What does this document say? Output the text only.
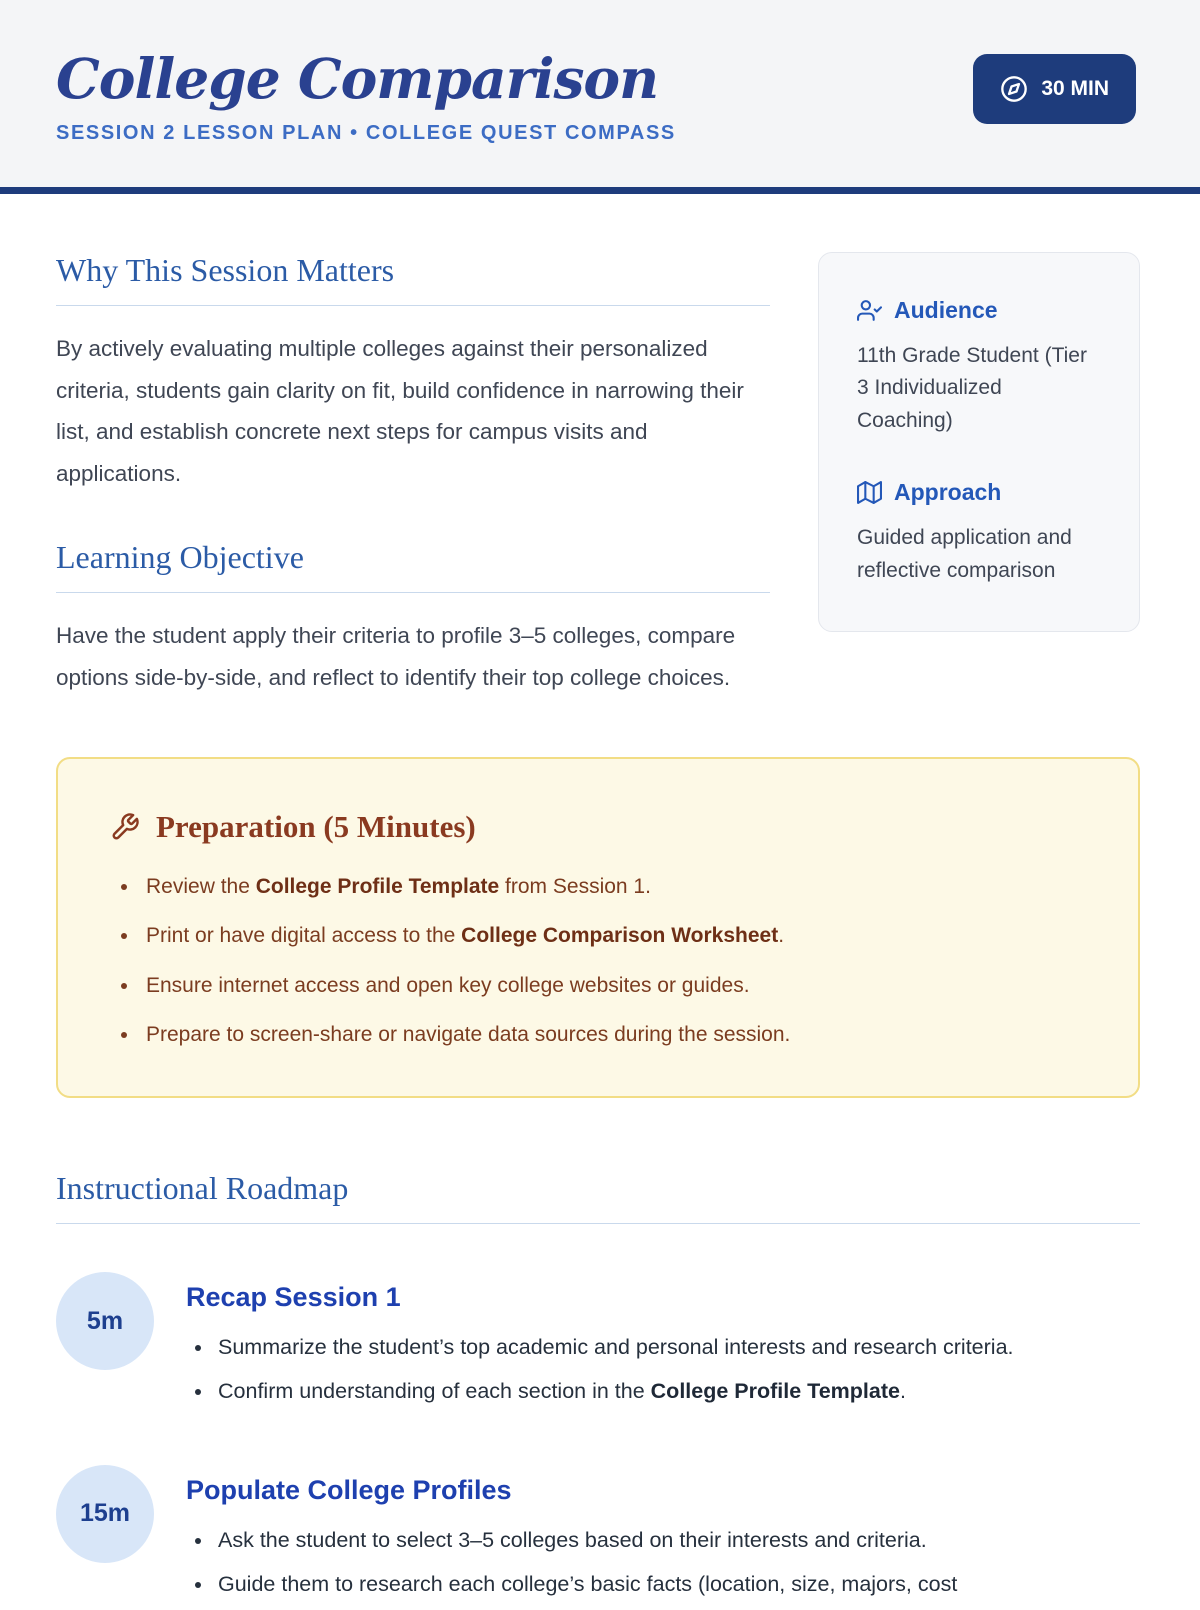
College Comparison
SESSION 2 LESSON PLAN • COLLEGE QUEST COMPASS
30 MIN
Why This Session Matters

By actively evaluating multiple colleges against their personalized criteria, students gain clarity on fit, build confidence in narrowing their list, and establish concrete next steps for campus visits and applications.

Learning Objective

Have the student apply their criteria to profile 3–5 colleges, compare options side-by-side, and reflect to identify their top college choices.

Audience

11th Grade Student (Tier 3 Individualized Coaching)

Approach

Guided application and reflective comparison

Preparation (5 Minutes)
• Review the College Profile Template from Session 1.
• Print or have digital access to the College Comparison Worksheet.
• Ensure internet access and open key college websites or guides.
• Prepare to screen-share or navigate data sources during the session.
Instructional Roadmap
5m
Recap Session 1
• Summarize the student’s top academic and personal interests and research criteria.
• Confirm understanding of each section in the College Profile Template.
15m
Populate College Profiles
• Ask the student to select 3–5 colleges based on their interests and criteria.
• Guide them to research each college’s basic facts (location, size, majors, cost
